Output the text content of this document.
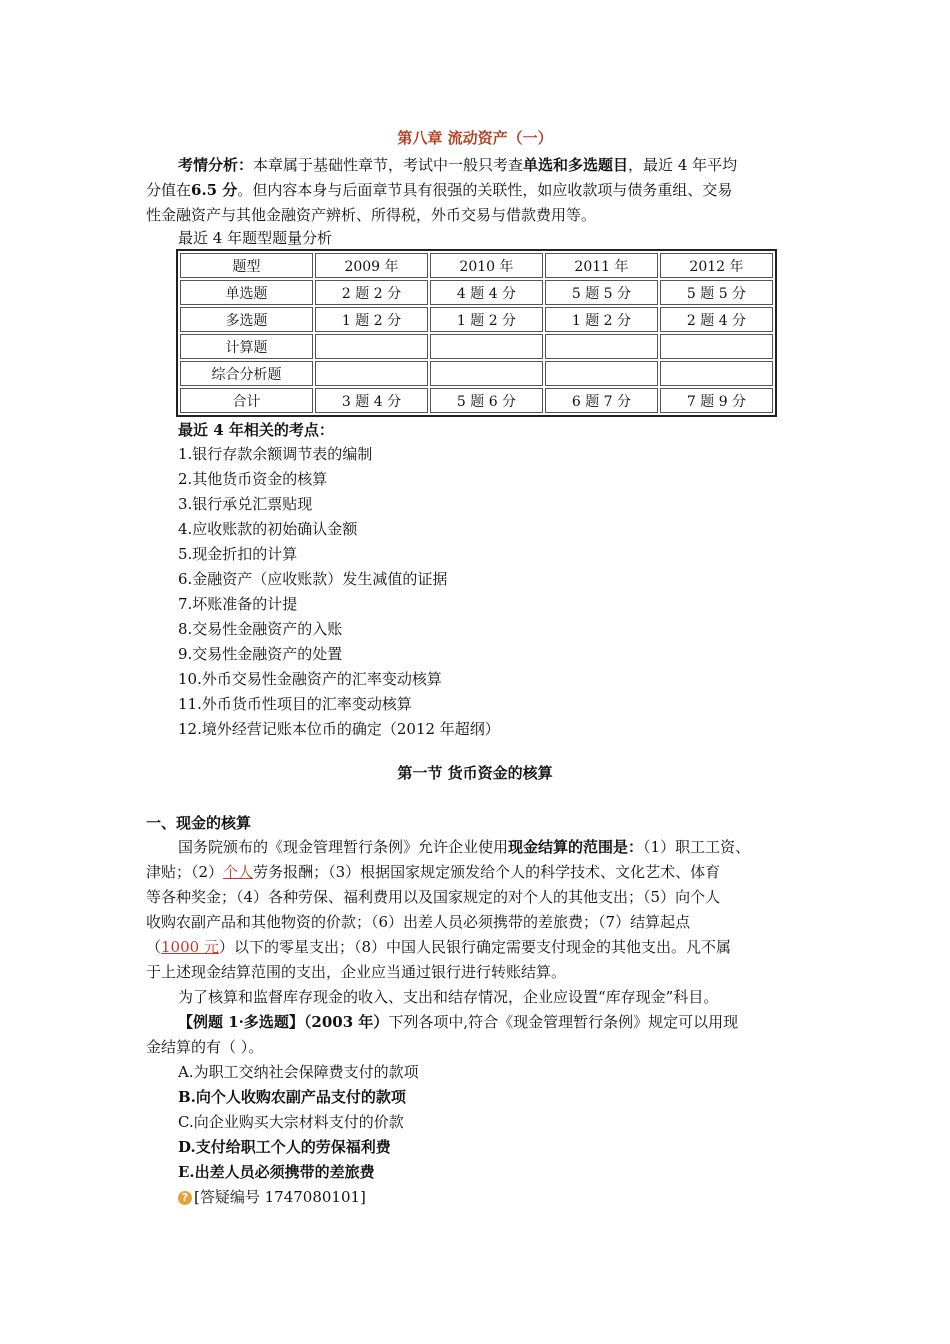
第八章 流动资产（一）
考情分析：本章属于基础性章节，考试中一般只考查单选和多选题目，最近 4 年平均
分值在6.5 分。但内容本身与后面章节具有很强的关联性，如应收款项与债务重组、交易
性金融资产与其他金融资产辨析、所得税，外币交易与借款费用等。
最近 4 年题型题量分析
题型	2009 年	2010 年	2011 年	2012 年
单选题	2 题 2 分	4 题 4 分	5 题 5 分	5 题 5 分
多选题	1 题 2 分	1 题 2 分	1 题 2 分	2 题 4 分
计算题				
综合分析题				
合计	3 题 4 分	5 题 6 分	6 题 7 分	7 题 9 分
最近 4 年相关的考点：
1.银行存款余额调节表的编制
2.其他货币资金的核算
3.银行承兑汇票贴现
4.应收账款的初始确认金额
5.现金折扣的计算
6.金融资产（应收账款）发生减值的证据
7.坏账准备的计提
8.交易性金融资产的入账
9.交易性金融资产的处置
10.外币交易性金融资产的汇率变动核算
11.外币货币性项目的汇率变动核算
12.境外经营记账本位币的确定（2012 年超纲）
第一节 货币资金的核算
一、现金的核算
国务院颁布的《现金管理暂行条例》允许企业使用现金结算的范围是：（1）职工工资、
津贴；（2）个人劳务报酬；（3）根据国家规定颁发给个人的科学技术、文化艺术、体育
等各种奖金；（4）各种劳保、福利费用以及国家规定的对个人的其他支出；（5）向个人
收购农副产品和其他物资的价款；（6）出差人员必须携带的差旅费；（7）结算起点
（1000 元）以下的零星支出；（8）中国人民银行确定需要支付现金的其他支出。凡不属
于上述现金结算范围的支出，企业应当通过银行进行转账结算。
为了核算和监督库存现金的收入、支出和结存情况，企业应设置“库存现金”科目。
【例题 1·多选题】（2003 年）下列各项中,符合《现金管理暂行条例》规定可以用现
金结算的有（ ）。
A.为职工交纳社会保障费支付的款项
B.向个人收购农副产品支付的款项
C.向企业购买大宗材料支付的价款
D.支付给职工个人的劳保福利费
E.出差人员必须携带的差旅费
? [答疑编号 1747080101]
